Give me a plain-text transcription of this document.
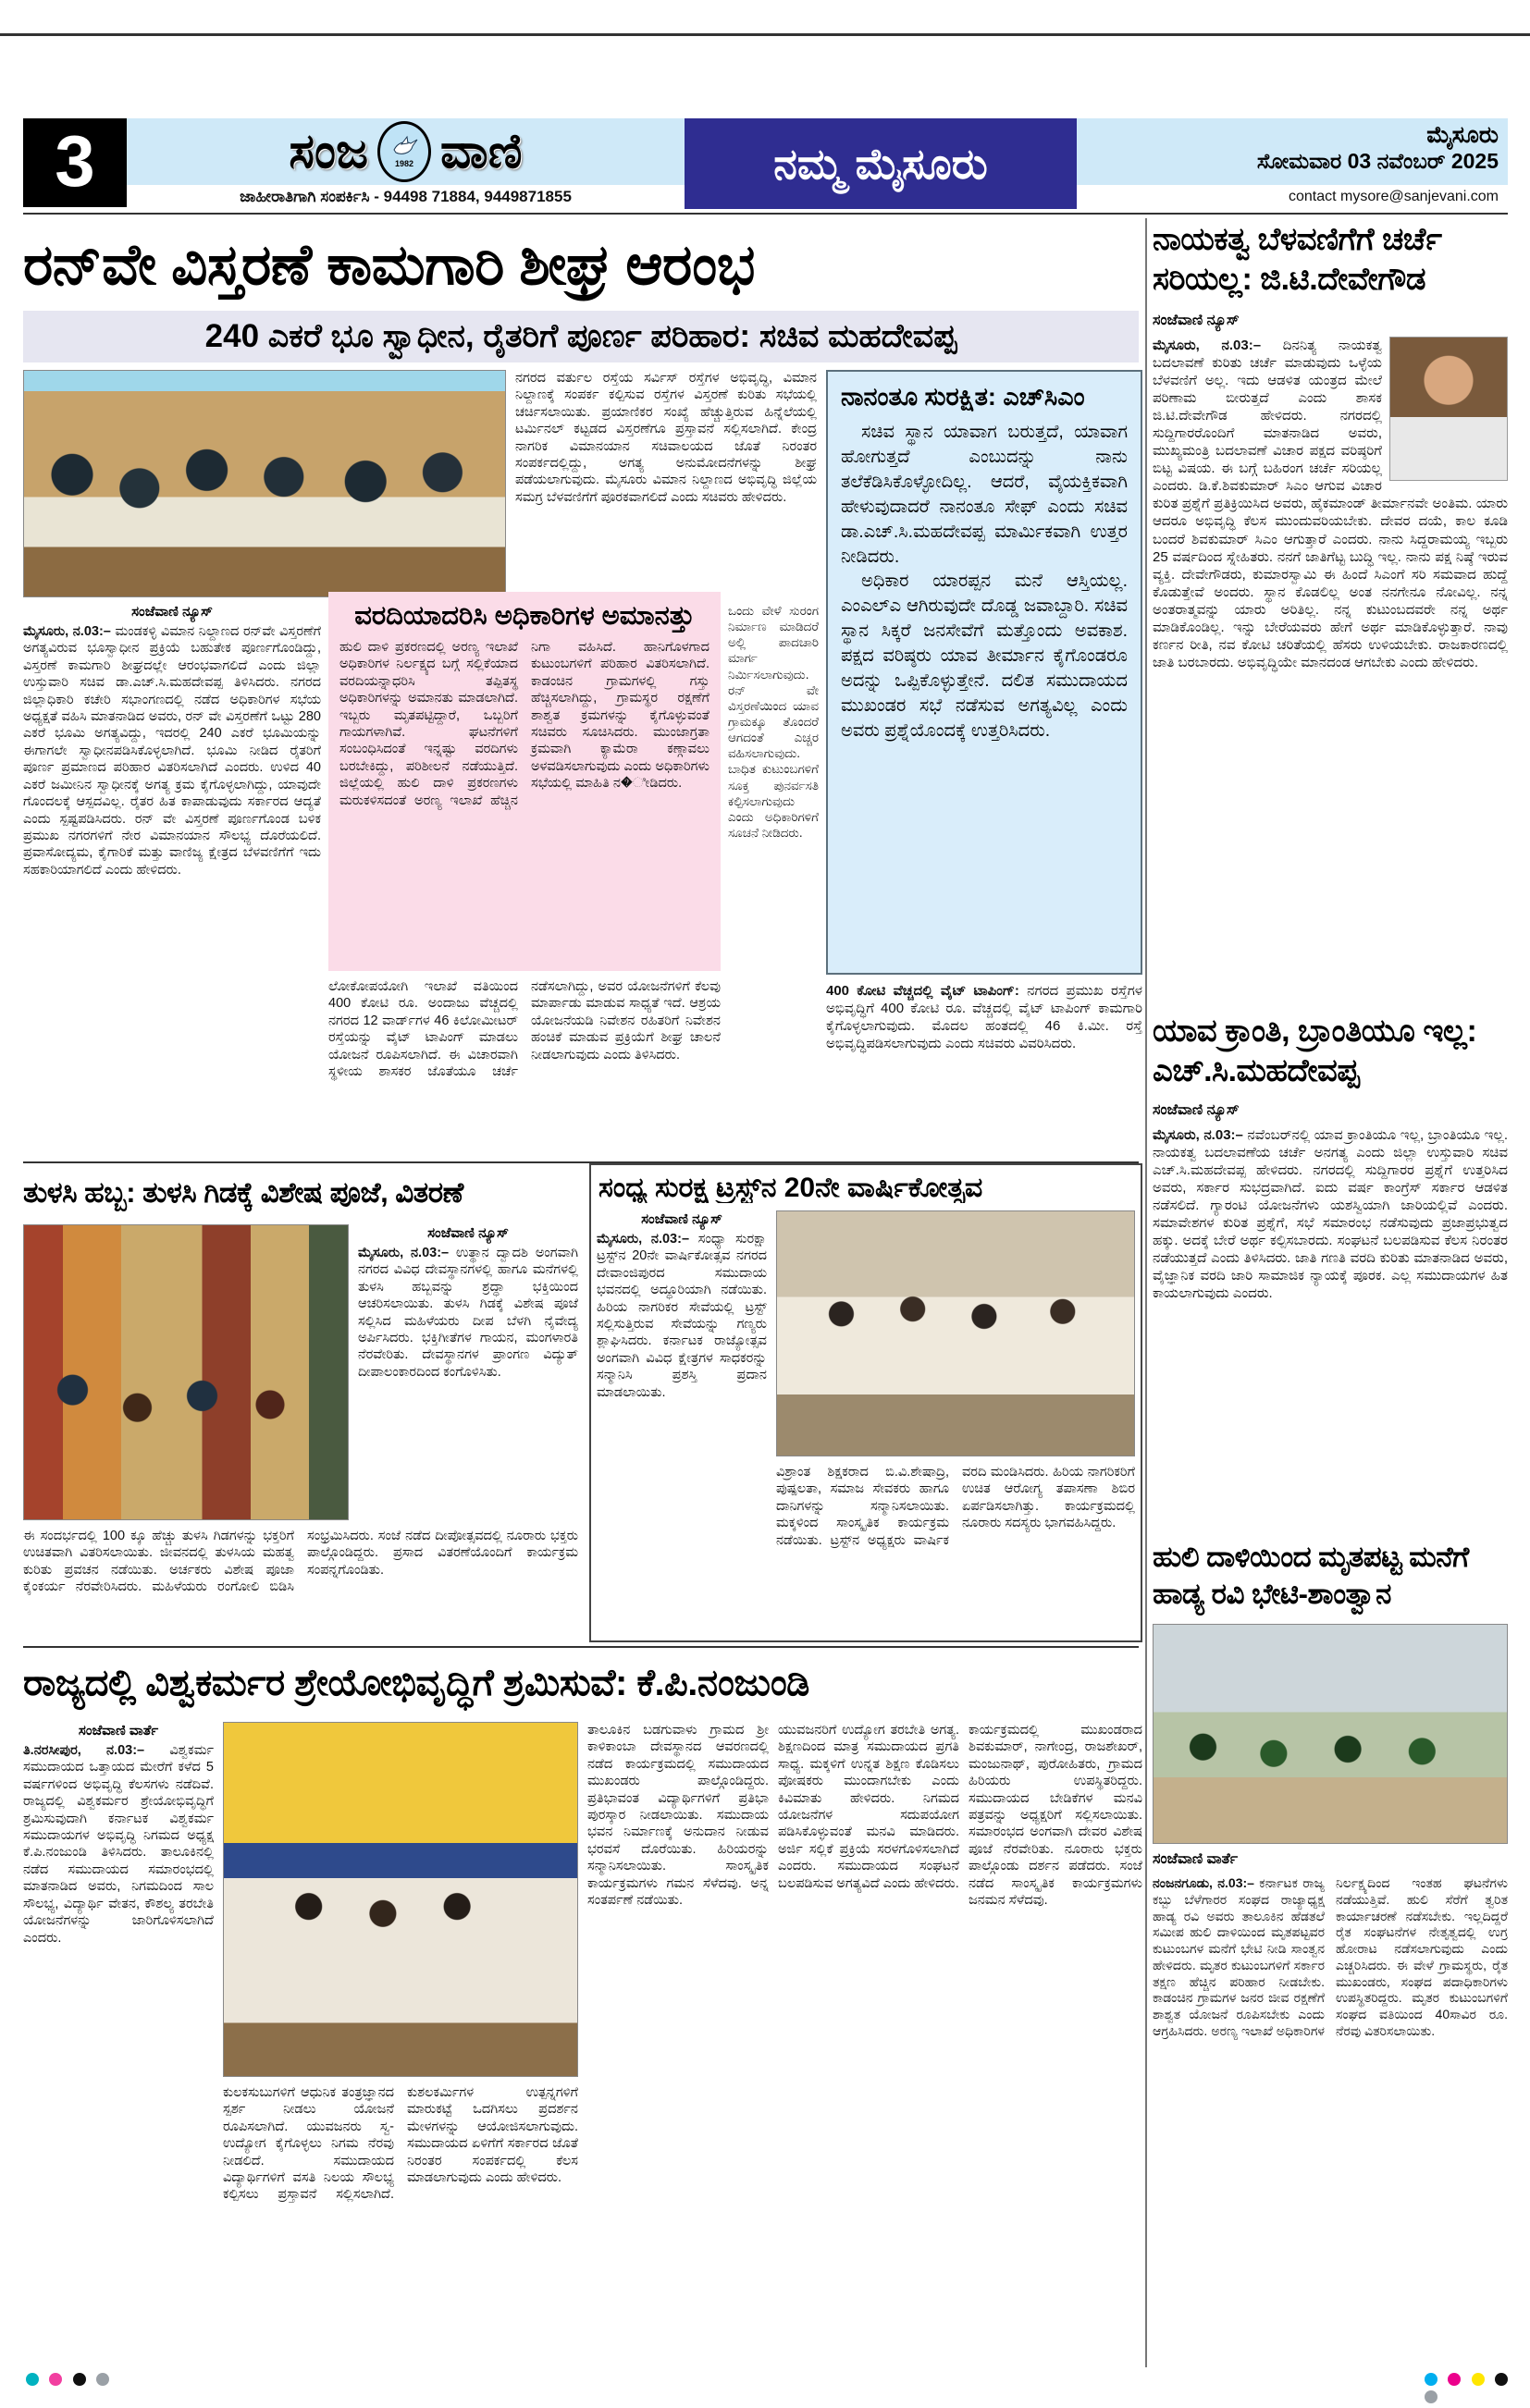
3	ಸಂಜ	1982 ವಾಣಿ
ಜಾಹೀರಾತಿಗಾಗಿ ಸಂಪರ್ಕಿಸಿ - 94498 71884, 9449871855
ನಮ್ಮ ಮೈಸೂರು
ಮೈಸೂರು
ಸೋಮವಾರ 03 ನವೆಂಬರ್ 2025
contact mysore@sanjevani.com
ರನ್‌ವೇ ವಿಸ್ತರಣೆ ಕಾಮಗಾರಿ ಶೀಘ್ರ ಆರಂಭ
240 ಎಕರೆ ಭೂ ಸ್ವಾಧೀನ, ರೈತರಿಗೆ ಪೂರ್ಣ ಪರಿಹಾರ: ಸಚಿವ ಮಹದೇವಪ್ಪ
ನಗರದ ವರ್ತುಲ ರಸ್ತೆಯ ಸರ್ವಿಸ್ ರಸ್ತೆಗಳ ಅಭಿವೃದ್ಧಿ, ವಿಮಾನ ನಿಲ್ದಾಣಕ್ಕೆ ಸಂಪರ್ಕ ಕಲ್ಪಿಸುವ ರಸ್ತೆಗಳ ವಿಸ್ತರಣೆ ಕುರಿತು ಸಭೆಯಲ್ಲಿ ಚರ್ಚಿಸಲಾಯಿತು. ಪ್ರಯಾಣಿಕರ ಸಂಖ್ಯೆ ಹೆಚ್ಚುತ್ತಿರುವ ಹಿನ್ನೆಲೆಯಲ್ಲಿ ಟರ್ಮಿನಲ್ ಕಟ್ಟಡದ ವಿಸ್ತರಣೆಗೂ ಪ್ರಸ್ತಾವನೆ ಸಲ್ಲಿಸಲಾಗಿದೆ. ಕೇಂದ್ರ ನಾಗರಿಕ ವಿಮಾನಯಾನ ಸಚಿವಾಲಯದ ಜೊತೆ ನಿರಂತರ ಸಂಪರ್ಕದಲ್ಲಿದ್ದು, ಅಗತ್ಯ ಅನುಮೋದನೆಗಳನ್ನು ಶೀಘ್ರ ಪಡೆಯಲಾಗುವುದು. ಮೈಸೂರು ವಿಮಾನ ನಿಲ್ದಾಣದ ಅಭಿವೃದ್ಧಿ ಜಿಲ್ಲೆಯ ಸಮಗ್ರ ಬೆಳವಣಿಗೆಗೆ ಪೂರಕವಾಗಲಿದೆ ಎಂದು ಸಚಿವರು ಹೇಳಿದರು.
ನಾನಂತೂ ಸುರಕ್ಷಿತ: ಎಚ್‌ಸಿಎಂ

ಸಚಿವ ಸ್ಥಾನ ಯಾವಾಗ ಬರುತ್ತದೆ, ಯಾವಾಗ ಹೋಗುತ್ತದೆ ಎಂಬುದನ್ನು ನಾನು ತಲೆಕೆಡಿಸಿಕೊಳ್ಳೋದಿಲ್ಲ. ಆದರೆ, ವೈಯಕ್ತಿಕವಾಗಿ ಹೇಳುವುದಾದರೆ ನಾನಂತೂ ಸೇಫ್ ಎಂದು ಸಚಿವ ಡಾ.ಎಚ್.ಸಿ.ಮಹದೇವಪ್ಪ ಮಾರ್ಮಿಕವಾಗಿ ಉತ್ತರ ನೀಡಿದರು.

ಅಧಿಕಾರ ಯಾರಪ್ಪನ ಮನೆ ಆಸ್ತಿಯಲ್ಲ. ಎಂಎಲ್‌ಎ ಆಗಿರುವುದೇ ದೊಡ್ಡ ಜವಾಬ್ದಾರಿ. ಸಚಿವ ಸ್ಥಾನ ಸಿಕ್ಕರೆ ಜನಸೇವೆಗೆ ಮತ್ತೊಂದು ಅವಕಾಶ. ಪಕ್ಷದ ವರಿಷ್ಠರು ಯಾವ ತೀರ್ಮಾನ ಕೈಗೊಂಡರೂ ಅದನ್ನು ಒಪ್ಪಿಕೊಳ್ಳುತ್ತೇನೆ. ದಲಿತ ಸಮುದಾಯದ ಮುಖಂಡರ ಸಭೆ ನಡೆಸುವ ಅಗತ್ಯವಿಲ್ಲ ಎಂದು ಅವರು ಪ್ರಶ್ನೆಯೊಂದಕ್ಕೆ ಉತ್ತರಿಸಿದರು.

ಸಂಜೆವಾಣಿ ನ್ಯೂಸ್
ಮೈಸೂರು, ನ.03:– ಮಂಡಕಳ್ಳಿ ವಿಮಾನ ನಿಲ್ದಾಣದ ರನ್‌ವೇ ವಿಸ್ತರಣೆಗೆ ಅಗತ್ಯವಿರುವ ಭೂಸ್ವಾಧೀನ ಪ್ರಕ್ರಿಯೆ ಬಹುತೇಕ ಪೂರ್ಣಗೊಂಡಿದ್ದು, ವಿಸ್ತರಣೆ ಕಾಮಗಾರಿ ಶೀಘ್ರದಲ್ಲೇ ಆರಂಭವಾಗಲಿದೆ ಎಂದು ಜಿಲ್ಲಾ ಉಸ್ತುವಾರಿ ಸಚಿವ ಡಾ.ಎಚ್.ಸಿ.ಮಹದೇವಪ್ಪ ತಿಳಿಸಿದರು. ನಗರದ ಜಿಲ್ಲಾಧಿಕಾರಿ ಕಚೇರಿ ಸಭಾಂಗಣದಲ್ಲಿ ನಡೆದ ಅಧಿಕಾರಿಗಳ ಸಭೆಯ ಅಧ್ಯಕ್ಷತೆ ವಹಿಸಿ ಮಾತನಾಡಿದ ಅವರು, ರನ್ ವೇ ವಿಸ್ತರಣೆಗೆ ಒಟ್ಟು 280 ಎಕರೆ ಭೂಮಿ ಅಗತ್ಯವಿದ್ದು, ಇದರಲ್ಲಿ 240 ಎಕರೆ ಭೂಮಿಯನ್ನು ಈಗಾಗಲೇ ಸ್ವಾಧೀನಪಡಿಸಿಕೊಳ್ಳಲಾಗಿದೆ. ಭೂಮಿ ನೀಡಿದ ರೈತರಿಗೆ ಪೂರ್ಣ ಪ್ರಮಾಣದ ಪರಿಹಾರ ವಿತರಿಸಲಾಗಿದೆ ಎಂದರು. ಉಳಿದ 40 ಎಕರೆ ಜಮೀನಿನ ಸ್ವಾಧೀನಕ್ಕೆ ಅಗತ್ಯ ಕ್ರಮ ಕೈಗೊಳ್ಳಲಾಗಿದ್ದು, ಯಾವುದೇ ಗೊಂದಲಕ್ಕೆ ಆಸ್ಪದವಿಲ್ಲ. ರೈತರ ಹಿತ ಕಾಪಾಡುವುದು ಸರ್ಕಾರದ ಆದ್ಯತೆ ಎಂದು ಸ್ಪಷ್ಟಪಡಿಸಿದರು. ರನ್ ವೇ ವಿಸ್ತರಣೆ ಪೂರ್ಣಗೊಂಡ ಬಳಿಕ ಪ್ರಮುಖ ನಗರಗಳಿಗೆ ನೇರ ವಿಮಾನಯಾನ ಸೌಲಭ್ಯ ದೊರೆಯಲಿದೆ. ಪ್ರವಾಸೋದ್ಯಮ, ಕೈಗಾರಿಕೆ ಮತ್ತು ವಾಣಿಜ್ಯ ಕ್ಷೇತ್ರದ ಬೆಳವಣಿಗೆಗೆ ಇದು ಸಹಕಾರಿಯಾಗಲಿದೆ ಎಂದು ಹೇಳಿದರು.
ವರದಿಯಾದರಿಸಿ ಅಧಿಕಾರಿಗಳ ಅಮಾನತ್ತು
ಹುಲಿ ದಾಳಿ ಪ್ರಕರಣದಲ್ಲಿ ಅರಣ್ಯ ಇಲಾಖೆ ಅಧಿಕಾರಿಗಳ ನಿರ್ಲಕ್ಷ್ಯದ ಬಗ್ಗೆ ಸಲ್ಲಿಕೆಯಾದ ವರದಿಯನ್ನಾಧರಿಸಿ ತಪ್ಪಿತಸ್ಥ ಅಧಿಕಾರಿಗಳನ್ನು ಅಮಾನತು ಮಾಡಲಾಗಿದೆ. ಇಬ್ಬರು ಮೃತಪಟ್ಟಿದ್ದಾರೆ, ಒಬ್ಬರಿಗೆ ಗಾಯಗಳಾಗಿವೆ. ಘಟನೆಗಳಿಗೆ ಸಂಬಂಧಿಸಿದಂತೆ ಇನ್ನಷ್ಟು ವರದಿಗಳು ಬರಬೇಕಿದ್ದು, ಪರಿಶೀಲನೆ ನಡೆಯುತ್ತಿದೆ. ಜಿಲ್ಲೆಯಲ್ಲಿ ಹುಲಿ ದಾಳಿ ಪ್ರಕರಣಗಳು ಮರುಕಳಿಸದಂತೆ ಅರಣ್ಯ ಇಲಾಖೆ ಹೆಚ್ಚಿನ ನಿಗಾ ವಹಿಸಿದೆ. ಹಾನಿಗೊಳಗಾದ ಕುಟುಂಬಗಳಿಗೆ ಪರಿಹಾರ ವಿತರಿಸಲಾಗಿದೆ. ಕಾಡಂಚಿನ ಗ್ರಾಮಗಳಲ್ಲಿ ಗಸ್ತು ಹೆಚ್ಚಿಸಲಾಗಿದ್ದು, ಗ್ರಾಮಸ್ಥರ ರಕ್ಷಣೆಗೆ ಶಾಶ್ವತ ಕ್ರಮಗಳನ್ನು ಕೈಗೊಳ್ಳುವಂತೆ ಸಚಿವರು ಸೂಚಿಸಿದರು. ಮುಂಜಾಗ್ರತಾ ಕ್ರಮವಾಗಿ ಕ್ಯಾಮೆರಾ ಕಣ್ಗಾವಲು ಅಳವಡಿಸಲಾಗುವುದು ಎಂದು ಅಧಿಕಾರಿಗಳು ಸಭೆಯಲ್ಲಿ ಮಾಹಿತಿ ನ�ೀಡಿದರು.
ಒಂದು ವೇಳೆ ಸುರಂಗ ನಿರ್ಮಾಣ ಮಾಡಿದರೆ ಅಲ್ಲಿ ಪಾದಚಾರಿ ಮಾರ್ಗ ನಿರ್ಮಿಸಲಾಗುವುದು. ರನ್ ವೇ ವಿಸ್ತರಣೆಯಿಂದ ಯಾವ ಗ್ರಾಮಕ್ಕೂ ತೊಂದರೆ ಆಗದಂತೆ ಎಚ್ಚರ ವಹಿಸಲಾಗುವುದು. ಬಾಧಿತ ಕುಟುಂಬಗಳಿಗೆ ಸೂಕ್ತ ಪುನರ್ವಸತಿ ಕಲ್ಪಿಸಲಾಗುವುದು ಎಂದು ಅಧಿಕಾರಿಗಳಿಗೆ ಸೂಚನೆ ನೀಡಿದರು.
ಲೋಕೋಪಯೋಗಿ ಇಲಾಖೆ ವತಿಯಿಂದ 400 ಕೋಟಿ ರೂ. ಅಂದಾಜು ವೆಚ್ಚದಲ್ಲಿ ನಗರದ 12 ವಾರ್ಡ್‌ಗಳ 46 ಕಿಲೋಮೀಟರ್ ರಸ್ತೆಯನ್ನು ವೈಟ್ ಟಾಪಿಂಗ್ ಮಾಡಲು ಯೋಜನೆ ರೂಪಿಸಲಾಗಿದೆ. ಈ ವಿಚಾರವಾಗಿ ಸ್ಥಳೀಯ ಶಾಸಕರ ಜೊತೆಯೂ ಚರ್ಚೆ ನಡೆಸಲಾಗಿದ್ದು, ಅವರ ಯೋಜನೆಗಳಿಗೆ ಕೆಲವು ಮಾರ್ಪಾಡು ಮಾಡುವ ಸಾಧ್ಯತೆ ಇದೆ. ಆಶ್ರಯ ಯೋಜನೆಯಡಿ ನಿವೇಶನ ರಹಿತರಿಗೆ ನಿವೇಶನ ಹಂಚಿಕೆ ಮಾಡುವ ಪ್ರಕ್ರಿಯೆಗೆ ಶೀಘ್ರ ಚಾಲನೆ ನೀಡಲಾಗುವುದು ಎಂದು ತಿಳಿಸಿದರು.
400 ಕೋಟಿ ವೆಚ್ಚದಲ್ಲಿ ವೈಟ್ ಟಾಪಿಂಗ್: ನಗರದ ಪ್ರಮುಖ ರಸ್ತೆಗಳ ಅಭಿವೃದ್ಧಿಗೆ 400 ಕೋಟಿ ರೂ. ವೆಚ್ಚದಲ್ಲಿ ವೈಟ್ ಟಾಪಿಂಗ್ ಕಾಮಗಾರಿ ಕೈಗೊಳ್ಳಲಾಗುವುದು. ಮೊದಲ ಹಂತದಲ್ಲಿ 46 ಕಿ.ಮೀ. ರಸ್ತೆ ಅಭಿವೃದ್ಧಿಪಡಿಸಲಾಗುವುದು ಎಂದು ಸಚಿವರು ವಿವರಿಸಿದರು.
ನಾಯಕತ್ವ ಬೆಳವಣಿಗೆಗೆ ಚರ್ಚೆ ಸರಿಯಲ್ಲ: ಜಿ.ಟಿ.ದೇವೇಗೌಡ
ಸಂಜೆವಾಣಿ ನ್ಯೂಸ್
ಮೈಸೂರು, ನ.03:– ದಿನನಿತ್ಯ ನಾಯಕತ್ವ ಬದಲಾವಣೆ ಕುರಿತು ಚರ್ಚೆ ಮಾಡುವುದು ಒಳ್ಳೆಯ ಬೆಳವಣಿಗೆ ಅಲ್ಲ. ಇದು ಆಡಳಿತ ಯಂತ್ರದ ಮೇಲೆ ಪರಿಣಾಮ ಬೀರುತ್ತದೆ ಎಂದು ಶಾಸಕ ಜಿ.ಟಿ.ದೇವೇಗೌಡ ಹೇಳಿದರು. ನಗರದಲ್ಲಿ ಸುದ್ದಿಗಾರರೊಂದಿಗೆ ಮಾತನಾಡಿದ ಅವರು, ಮುಖ್ಯಮಂತ್ರಿ ಬದಲಾವಣೆ ವಿಚಾರ ಪಕ್ಷದ ವರಿಷ್ಠರಿಗೆ ಬಿಟ್ಟ ವಿಷಯ. ಈ ಬಗ್ಗೆ ಬಹಿರಂಗ ಚರ್ಚೆ ಸರಿಯಲ್ಲ ಎಂದರು. ಡಿ.ಕೆ.ಶಿವಕುಮಾರ್ ಸಿಎಂ ಆಗುವ ವಿಚಾರ ಕುರಿತ ಪ್ರಶ್ನೆಗೆ ಪ್ರತಿಕ್ರಿಯಿಸಿದ ಅವರು, ಹೈಕಮಾಂಡ್ ತೀರ್ಮಾನವೇ ಅಂತಿಮ. ಯಾರು ಆದರೂ ಅಭಿವೃದ್ಧಿ ಕೆಲಸ ಮುಂದುವರಿಯಬೇಕು. ದೇವರ ದಯೆ, ಕಾಲ ಕೂಡಿ ಬಂದರೆ ಶಿವಕುಮಾರ್ ಸಿಎಂ ಆಗುತ್ತಾರೆ ಎಂದರು. ನಾನು ಸಿದ್ದರಾಮಯ್ಯ ಇಬ್ಬರು 25 ವರ್ಷದಿಂದ ಸ್ನೇಹಿತರು. ನನಗೆ ಜಾತಿಗೆಟ್ಟ ಬುದ್ಧಿ ಇಲ್ಲ. ನಾನು ಪಕ್ಷ ನಿಷ್ಠೆ ಇರುವ ವ್ಯಕ್ತಿ. ದೇವೇಗೌಡರು, ಕುಮಾರಸ್ವಾಮಿ ಈ ಹಿಂದೆ ಸಿಎಂಗೆ ಸರಿ ಸಮವಾದ ಹುದ್ದೆ ಕೊಡುತ್ತೇವೆ ಅಂದರು. ಸ್ಥಾನ ಕೊಡಲಿಲ್ಲ ಅಂತ ನನಗೇನೂ ನೋವಿಲ್ಲ. ನನ್ನ ಅಂತರಾತ್ಮವನ್ನು ಯಾರು ಅರಿತಿಲ್ಲ. ನನ್ನ ಕುಟುಂಬದವರೇ ನನ್ನ ಅರ್ಥ ಮಾಡಿಕೊಂಡಿಲ್ಲ. ಇನ್ನು ಬೇರೆಯವರು ಹೇಗೆ ಅರ್ಥ ಮಾಡಿಕೊಳ್ಳುತ್ತಾರೆ. ನಾವು ಕರ್ಣನ ರೀತಿ, ನವ ಕೋಟಿ ಚರಿತೆಯಲ್ಲಿ ಹೆಸರು ಉಳಿಯಬೇಕು. ರಾಜಕಾರಣದಲ್ಲಿ ಜಾತಿ ಬರಬಾರದು. ಅಭಿವೃದ್ಧಿಯೇ ಮಾನದಂಡ ಆಗಬೇಕು ಎಂದು ಹೇಳಿದರು.
ಯಾವ ಕ್ರಾಂತಿ, ಬ್ರಾಂತಿಯೂ ಇಲ್ಲ: ಎಚ್.ಸಿ.ಮಹದೇವಪ್ಪ
ಸಂಜೆವಾಣಿ ನ್ಯೂಸ್
ಮೈಸೂರು, ನ.03:– ನವೆಂಬರ್‌ನಲ್ಲಿ ಯಾವ ಕ್ರಾಂತಿಯೂ ಇಲ್ಲ, ಬ್ರಾಂತಿಯೂ ಇಲ್ಲ. ನಾಯಕತ್ವ ಬದಲಾವಣೆಯ ಚರ್ಚೆ ಅನಗತ್ಯ ಎಂದು ಜಿಲ್ಲಾ ಉಸ್ತುವಾರಿ ಸಚಿವ ಎಚ್.ಸಿ.ಮಹದೇವಪ್ಪ ಹೇಳಿದರು. ನಗರದಲ್ಲಿ ಸುದ್ದಿಗಾರರ ಪ್ರಶ್ನೆಗೆ ಉತ್ತರಿಸಿದ ಅವರು, ಸರ್ಕಾರ ಸುಭದ್ರವಾಗಿದೆ. ಐದು ವರ್ಷ ಕಾಂಗ್ರೆಸ್ ಸರ್ಕಾರ ಆಡಳಿತ ನಡೆಸಲಿದೆ. ಗ್ಯಾರಂಟಿ ಯೋಜನೆಗಳು ಯಶಸ್ವಿಯಾಗಿ ಜಾರಿಯಲ್ಲಿವೆ ಎಂದರು. ಸಮಾವೇಶಗಳ ಕುರಿತ ಪ್ರಶ್ನೆಗೆ, ಸಭೆ ಸಮಾರಂಭ ನಡೆಸುವುದು ಪ್ರಜಾಪ್ರಭುತ್ವದ ಹಕ್ಕು. ಅದಕ್ಕೆ ಬೇರೆ ಅರ್ಥ ಕಲ್ಪಿಸಬಾರದು. ಸಂಘಟನೆ ಬಲಪಡಿಸುವ ಕೆಲಸ ನಿರಂತರ ನಡೆಯುತ್ತದೆ ಎಂದು ತಿಳಿಸಿದರು. ಜಾತಿ ಗಣತಿ ವರದಿ ಕುರಿತು ಮಾತನಾಡಿದ ಅವರು, ವೈಜ್ಞಾನಿಕ ವರದಿ ಜಾರಿ ಸಾಮಾಜಿಕ ನ್ಯಾಯಕ್ಕೆ ಪೂರಕ. ಎಲ್ಲ ಸಮುದಾಯಗಳ ಹಿತ ಕಾಯಲಾಗುವುದು ಎಂದರು.
ಹುಲಿ ದಾಳಿಯಿಂದ ಮೃತಪಟ್ಟ ಮನೆಗೆ ಹಾಡ್ಯ ರವಿ ಭೇಟಿ-ಶಾಂತ್ವಾನ
ಸಂಜೆವಾಣಿ ವಾರ್ತೆ
ನಂಜನಗೂಡು, ನ.03:– ಕರ್ನಾಟಕ ರಾಜ್ಯ ಕಬ್ಬು ಬೆಳೆಗಾರರ ಸಂಘದ ರಾಜ್ಯಾಧ್ಯಕ್ಷ ಹಾಡ್ಯ ರವಿ ಅವರು ತಾಲೂಕಿನ ಹೆಡತಲೆ ಸಮೀಪ ಹುಲಿ ದಾಳಿಯಿಂದ ಮೃತಪಟ್ಟವರ ಕುಟುಂಬಗಳ ಮನೆಗೆ ಭೇಟಿ ನೀಡಿ ಸಾಂತ್ವನ ಹೇಳಿದರು. ಮೃತರ ಕುಟುಂಬಗಳಿಗೆ ಸರ್ಕಾರ ತಕ್ಷಣ ಹೆಚ್ಚಿನ ಪರಿಹಾರ ನೀಡಬೇಕು. ಕಾಡಂಚಿನ ಗ್ರಾಮಗಳ ಜನರ ಜೀವ ರಕ್ಷಣೆಗೆ ಶಾಶ್ವತ ಯೋಜನೆ ರೂಪಿಸಬೇಕು ಎಂದು ಆಗ್ರಹಿಸಿದರು. ಅರಣ್ಯ ಇಲಾಖೆ ಅಧಿಕಾರಿಗಳ ನಿರ್ಲಕ್ಷ್ಯದಿಂದ ಇಂತಹ ಘಟನೆಗಳು ನಡೆಯುತ್ತಿವೆ. ಹುಲಿ ಸೆರೆಗೆ ತ್ವರಿತ ಕಾರ್ಯಾಚರಣೆ ನಡೆಸಬೇಕು. ಇಲ್ಲದಿದ್ದರೆ ರೈತ ಸಂಘಟನೆಗಳ ನೇತೃತ್ವದಲ್ಲಿ ಉಗ್ರ ಹೋರಾಟ ನಡೆಸಲಾಗುವುದು ಎಂದು ಎಚ್ಚರಿಸಿದರು. ಈ ವೇಳೆ ಗ್ರಾಮಸ್ಥರು, ರೈತ ಮುಖಂಡರು, ಸಂಘದ ಪದಾಧಿಕಾರಿಗಳು ಉಪಸ್ಥಿತರಿದ್ದರು. ಮೃತರ ಕುಟುಂಬಗಳಿಗೆ ಸಂಘದ ವತಿಯಿಂದ 40ಸಾವಿರ ರೂ. ನೆರವು ವಿತರಿಸಲಾಯಿತು.
ತುಳಸಿ ಹಬ್ಬ: ತುಳಸಿ ಗಿಡಕ್ಕೆ ವಿಶೇಷ ಪೂಜೆ, ವಿತರಣೆ
ಸಂಜೆವಾಣಿ ನ್ಯೂಸ್
ಮೈಸೂರು, ನ.03:– ಉತ್ಥಾನ ದ್ವಾದಶಿ ಅಂಗವಾಗಿ ನಗರದ ವಿವಿಧ ದೇವಸ್ಥಾನಗಳಲ್ಲಿ ಹಾಗೂ ಮನೆಗಳಲ್ಲಿ ತುಳಸಿ ಹಬ್ಬವನ್ನು ಶ್ರದ್ಧಾ ಭಕ್ತಿಯಿಂದ ಆಚರಿಸಲಾಯಿತು. ತುಳಸಿ ಗಿಡಕ್ಕೆ ವಿಶೇಷ ಪೂಜೆ ಸಲ್ಲಿಸಿದ ಮಹಿಳೆಯರು ದೀಪ ಬೆಳಗಿ ನೈವೇದ್ಯ ಅರ್ಪಿಸಿದರು. ಭಕ್ತಿಗೀತೆಗಳ ಗಾಯನ, ಮಂಗಳಾರತಿ ನೆರವೇರಿತು. ದೇವಸ್ಥಾನಗಳ ಪ್ರಾಂಗಣ ವಿದ್ಯುತ್ ದೀಪಾಲಂಕಾರದಿಂದ ಕಂಗೊಳಿಸಿತು.
ಈ ಸಂದರ್ಭದಲ್ಲಿ 100 ಕ್ಕೂ ಹೆಚ್ಚು ತುಳಸಿ ಗಿಡಗಳನ್ನು ಭಕ್ತರಿಗೆ ಉಚಿತವಾಗಿ ವಿತರಿಸಲಾಯಿತು. ಜೀವನದಲ್ಲಿ ತುಳಸಿಯ ಮಹತ್ವ ಕುರಿತು ಪ್ರವಚನ ನಡೆಯಿತು. ಅರ್ಚಕರು ವಿಶೇಷ ಪೂಜಾ ಕೈಂಕರ್ಯ ನೆರವೇರಿಸಿದರು. ಮಹಿಳೆಯರು ರಂಗೋಲಿ ಬಿಡಿಸಿ ಸಂಭ್ರಮಿಸಿದರು. ಸಂಜೆ ನಡೆದ ದೀಪೋತ್ಸವದಲ್ಲಿ ನೂರಾರು ಭಕ್ತರು ಪಾಲ್ಗೊಂಡಿದ್ದರು. ಪ್ರಸಾದ ವಿತರಣೆಯೊಂದಿಗೆ ಕಾರ್ಯಕ್ರಮ ಸಂಪನ್ನಗೊಂಡಿತು.
ಸಂಧ್ಯ ಸುರಕ್ಷ ಟ್ರಸ್ಟ್‌ನ 20ನೇ ವಾರ್ಷಿಕೋತ್ಸವ
ಸಂಜೆವಾಣಿ ನ್ಯೂಸ್
ಮೈಸೂರು, ನ.03:– ಸಂಧ್ಯಾ ಸುರಕ್ಷಾ ಟ್ರಸ್ಟ್‌ನ 20ನೇ ವಾರ್ಷಿಕೋತ್ಸವ ನಗರದ ದೇವಾಂಜಿಪುರದ ಸಮುದಾಯ ಭವನದಲ್ಲಿ ಅದ್ಧೂರಿಯಾಗಿ ನಡೆಯಿತು. ಹಿರಿಯ ನಾಗರಿಕರ ಸೇವೆಯಲ್ಲಿ ಟ್ರಸ್ಟ್ ಸಲ್ಲಿಸುತ್ತಿರುವ ಸೇವೆಯನ್ನು ಗಣ್ಯರು ಶ್ಲಾಘಿಸಿದರು. ಕರ್ನಾಟಕ ರಾಜ್ಯೋತ್ಸವ ಅಂಗವಾಗಿ ವಿವಿಧ ಕ್ಷೇತ್ರಗಳ ಸಾಧಕರನ್ನು ಸನ್ಮಾನಿಸಿ ಪ್ರಶಸ್ತಿ ಪ್ರದಾನ ಮಾಡಲಾಯಿತು.
ವಿಶ್ರಾಂತ ಶಿಕ್ಷಕರಾದ ಬಿ.ವಿ.ಶೇಷಾದ್ರಿ, ಪುಷ್ಪಲತಾ, ಸಮಾಜ ಸೇವಕರು ಹಾಗೂ ದಾನಿಗಳನ್ನು ಸನ್ಮಾನಿಸಲಾಯಿತು. ಮಕ್ಕಳಿಂದ ಸಾಂಸ್ಕೃತಿಕ ಕಾರ್ಯಕ್ರಮ ನಡೆಯಿತು. ಟ್ರಸ್ಟ್‌ನ ಅಧ್ಯಕ್ಷರು ವಾರ್ಷಿಕ ವರದಿ ಮಂಡಿಸಿದರು. ಹಿರಿಯ ನಾಗರಿಕರಿಗೆ ಉಚಿತ ಆರೋಗ್ಯ ತಪಾಸಣಾ ಶಿಬಿರ ಏರ್ಪಡಿಸಲಾಗಿತ್ತು. ಕಾರ್ಯಕ್ರಮದಲ್ಲಿ ನೂರಾರು ಸದಸ್ಯರು ಭಾಗವಹಿಸಿದ್ದರು.
ರಾಜ್ಯದಲ್ಲಿ ವಿಶ್ವಕರ್ಮರ ಶ್ರೇಯೋಭಿವೃದ್ಧಿಗೆ ಶ್ರಮಿಸುವೆ: ಕೆ.ಪಿ.ನಂಜುಂಡಿ
ಸಂಜೆವಾಣಿ ವಾರ್ತೆ
ತಿ.ನರಸೀಪುರ, ನ.03:– ವಿಶ್ವಕರ್ಮ ಸಮುದಾಯದ ಒತ್ತಾಯದ ಮೇರೆಗೆ ಕಳೆದ 5 ವರ್ಷಗಳಿಂದ ಅಭಿವೃದ್ಧಿ ಕೆಲಸಗಳು ನಡೆದಿವೆ. ರಾಜ್ಯದಲ್ಲಿ ವಿಶ್ವಕರ್ಮರ ಶ್ರೇಯೋಭಿವೃದ್ಧಿಗೆ ಶ್ರಮಿಸುವುದಾಗಿ ಕರ್ನಾಟಕ ವಿಶ್ವಕರ್ಮ ಸಮುದಾಯಗಳ ಅಭಿವೃದ್ಧಿ ನಿಗಮದ ಅಧ್ಯಕ್ಷ ಕೆ.ಪಿ.ನಂಜುಂಡಿ ತಿಳಿಸಿದರು. ತಾಲೂಕಿನಲ್ಲಿ ನಡೆದ ಸಮುದಾಯದ ಸಮಾರಂಭದಲ್ಲಿ ಮಾತನಾಡಿದ ಅವರು, ನಿಗಮದಿಂದ ಸಾಲ ಸೌಲಭ್ಯ, ವಿದ್ಯಾರ್ಥಿ ವೇತನ, ಕೌಶಲ್ಯ ತರಬೇತಿ ಯೋಜನೆಗಳನ್ನು ಜಾರಿಗೊಳಿಸಲಾಗಿದೆ ಎಂದರು.
ಕುಲಕಸುಬುಗಳಿಗೆ ಆಧುನಿಕ ತಂತ್ರಜ್ಞಾನದ ಸ್ಪರ್ಶ ನೀಡಲು ಯೋಜನೆ ರೂಪಿಸಲಾಗಿದೆ. ಯುವಜನರು ಸ್ವ-ಉದ್ಯೋಗ ಕೈಗೊಳ್ಳಲು ನಿಗಮ ನೆರವು ನೀಡಲಿದೆ. ಸಮುದಾಯದ ವಿದ್ಯಾರ್ಥಿಗಳಿಗೆ ವಸತಿ ನಿಲಯ ಸೌಲಭ್ಯ ಕಲ್ಪಿಸಲು ಪ್ರಸ್ತಾವನೆ ಸಲ್ಲಿಸಲಾಗಿದೆ. ಕುಶಲಕರ್ಮಿಗಳ ಉತ್ಪನ್ನಗಳಿಗೆ ಮಾರುಕಟ್ಟೆ ಒದಗಿಸಲು ಪ್ರದರ್ಶನ ಮೇಳಗಳನ್ನು ಆಯೋಜಿಸಲಾಗುವುದು. ಸಮುದಾಯದ ಏಳಿಗೆಗೆ ಸರ್ಕಾರದ ಜೊತೆ ನಿರಂತರ ಸಂಪರ್ಕದಲ್ಲಿ ಕೆಲಸ ಮಾಡಲಾಗುವುದು ಎಂದು ಹೇಳಿದರು.
ತಾಲೂಕಿನ ಬಡಗುವಾಳು ಗ್ರಾಮದ ಶ್ರೀ ಕಾಳಿಕಾಂಬಾ ದೇವಸ್ಥಾನದ ಆವರಣದಲ್ಲಿ ನಡೆದ ಕಾರ್ಯಕ್ರಮದಲ್ಲಿ ಸಮುದಾಯದ ಮುಖಂಡರು ಪಾಲ್ಗೊಂಡಿದ್ದರು. ಪ್ರತಿಭಾವಂತ ವಿದ್ಯಾರ್ಥಿಗಳಿಗೆ ಪ್ರತಿಭಾ ಪುರಸ್ಕಾರ ನೀಡಲಾಯಿತು. ಸಮುದಾಯ ಭವನ ನಿರ್ಮಾಣಕ್ಕೆ ಅನುದಾನ ನೀಡುವ ಭರವಸೆ ದೊರೆಯಿತು. ಹಿರಿಯರನ್ನು ಸನ್ಮಾನಿಸಲಾಯಿತು. ಸಾಂಸ್ಕೃತಿಕ ಕಾರ್ಯಕ್ರಮಗಳು ಗಮನ ಸೆಳೆದವು. ಅನ್ನ ಸಂತರ್ಪಣೆ ನಡೆಯಿತು.
ಯುವಜನರಿಗೆ ಉದ್ಯೋಗ ತರಬೇತಿ ಅಗತ್ಯ. ಶಿಕ್ಷಣದಿಂದ ಮಾತ್ರ ಸಮುದಾಯದ ಪ್ರಗತಿ ಸಾಧ್ಯ. ಮಕ್ಕಳಿಗೆ ಉನ್ನತ ಶಿಕ್ಷಣ ಕೊಡಿಸಲು ಪೋಷಕರು ಮುಂದಾಗಬೇಕು ಎಂದು ಕಿವಿಮಾತು ಹೇಳಿದರು. ನಿಗಮದ ಯೋಜನೆಗಳ ಸದುಪಯೋಗ ಪಡಿಸಿಕೊಳ್ಳುವಂತೆ ಮನವಿ ಮಾಡಿದರು. ಅರ್ಜಿ ಸಲ್ಲಿಕೆ ಪ್ರಕ್ರಿಯೆ ಸರಳಗೊಳಿಸಲಾಗಿದೆ ಎಂದರು. ಸಮುದಾಯದ ಸಂಘಟನೆ ಬಲಪಡಿಸುವ ಅಗತ್ಯವಿದೆ ಎಂದು ಹೇಳಿದರು.
ಕಾರ್ಯಕ್ರಮದಲ್ಲಿ ಮುಖಂಡರಾದ ಶಿವಕುಮಾರ್, ನಾಗೇಂದ್ರ, ರಾಜಶೇಖರ್, ಮಂಜುನಾಥ್, ಪುರೋಹಿತರು, ಗ್ರಾಮದ ಹಿರಿಯರು ಉಪಸ್ಥಿತರಿದ್ದರು. ಸಮುದಾಯದ ಬೇಡಿಕೆಗಳ ಮನವಿ ಪತ್ರವನ್ನು ಅಧ್ಯಕ್ಷರಿಗೆ ಸಲ್ಲಿಸಲಾಯಿತು. ಸಮಾರಂಭದ ಅಂಗವಾಗಿ ದೇವರ ವಿಶೇಷ ಪೂಜೆ ನೆರವೇರಿತು. ನೂರಾರು ಭಕ್ತರು ಪಾಲ್ಗೊಂಡು ದರ್ಶನ ಪಡೆದರು. ಸಂಜೆ ನಡೆದ ಸಾಂಸ್ಕೃತಿಕ ಕಾರ್ಯಕ್ರಮಗಳು ಜನಮನ ಸೆಳೆದವು.
